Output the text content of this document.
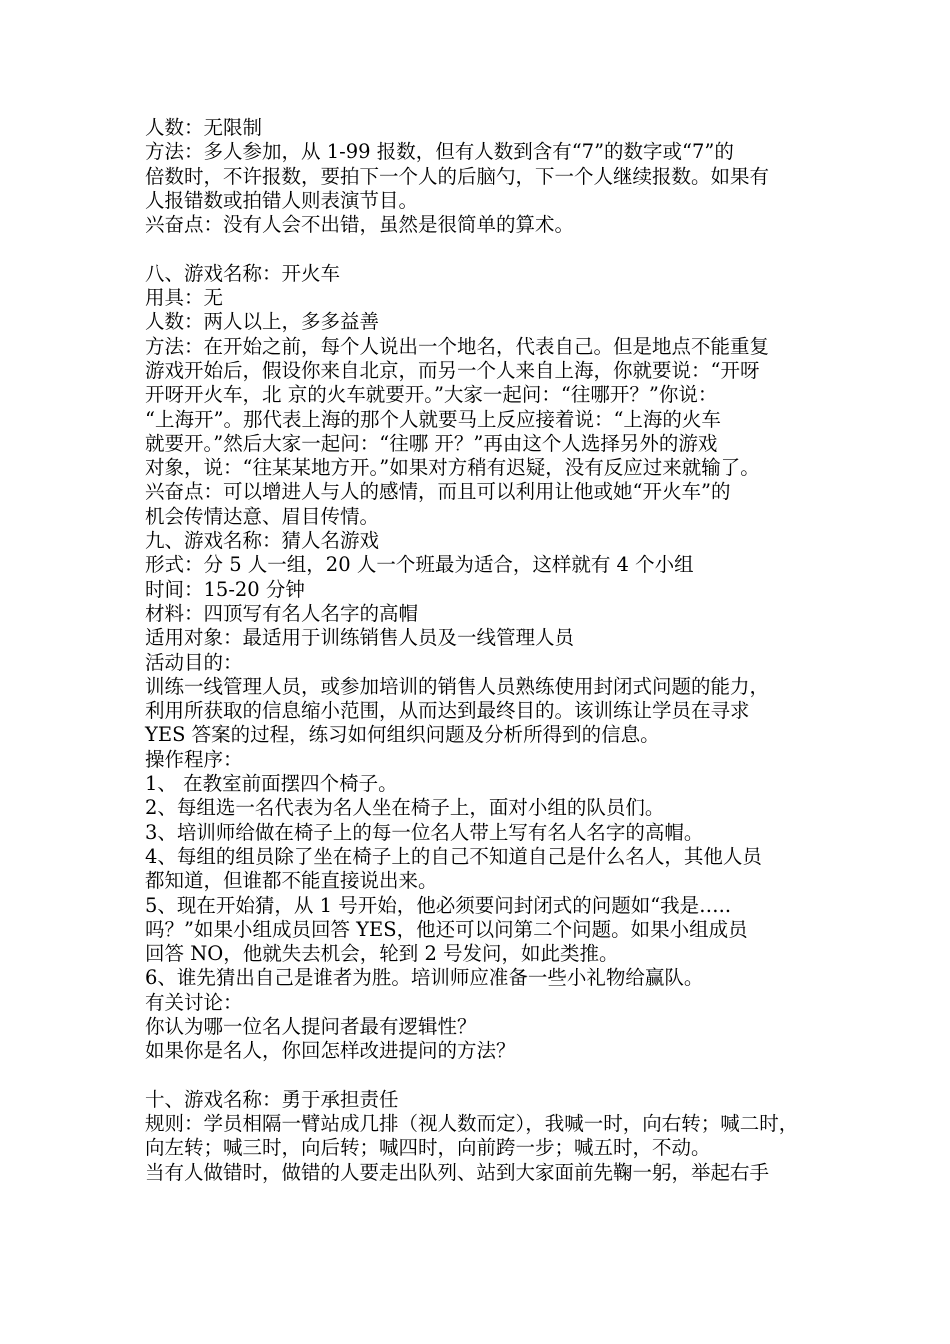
人数：无限制
方法：多人参加，从 1-99 报数，但有人数到含有“7”的数字或“7”的
倍数时，不许报数，要拍下一个人的后脑勺，下一个人继续报数。如果有
人报错数或拍错人则表演节目。
兴奋点：没有人会不出错，虽然是很简单的算术。
八、游戏名称：开火车
用具：无
人数：两人以上，多多益善
方法：在开始之前，每个人说出一个地名，代表自己。但是地点不能重复
游戏开始后，假设你来自北京，而另一个人来自上海，你就要说：“开呀
开呀开火车，北 京的火车就要开。”大家一起问：“往哪开？”你说：
“上海开”。那代表上海的那个人就要马上反应接着说：“上海的火车
就要开。”然后大家一起问：“往哪 开？”再由这个人选择另外的游戏
对象，说：“往某某地方开。”如果对方稍有迟疑，没有反应过来就输了。
兴奋点：可以增进人与人的感情，而且可以利用让他或她“开火车”的
机会传情达意、眉目传情。
九、游戏名称：猜人名游戏
形式：分 5 人一组，20 人一个班最为适合，这样就有 4 个小组
时间：15-20 分钟
材料：四顶写有名人名字的高帽
适用对象：最适用于训练销售人员及一线管理人员
活动目的：
训练一线管理人员，或参加培训的销售人员熟练使用封闭式问题的能力，
利用所获取的信息缩小范围，从而达到最终目的。该训练让学员在寻求
YES 答案的过程，练习如何组织问题及分析所得到的信息。
操作程序：
1、 在教室前面摆四个椅子。
2、每组选一名代表为名人坐在椅子上，面对小组的队员们。
3、培训师给做在椅子上的每一位名人带上写有名人名字的高帽。
4、每组的组员除了坐在椅子上的自己不知道自己是什么名人，其他人员
都知道，但谁都不能直接说出来。
5、现在开始猜，从 1 号开始，他必须要问封闭式的问题如“我是…..
吗？”如果小组成员回答 YES，他还可以问第二个问题。如果小组成员
回答 NO，他就失去机会，轮到 2 号发问，如此类推。
6、谁先猜出自己是谁者为胜。培训师应准备一些小礼物给赢队。
有关讨论：
你认为哪一位名人提问者最有逻辑性？
如果你是名人，你回怎样改进提问的方法？
十、游戏名称：勇于承担责任
规则：学员相隔一臂站成几排（视人数而定），我喊一时，向右转；喊二时，
向左转；喊三时，向后转；喊四时，向前跨一步；喊五时，不动。
当有人做错时，做错的人要走出队列、站到大家面前先鞠一躬，举起右手
